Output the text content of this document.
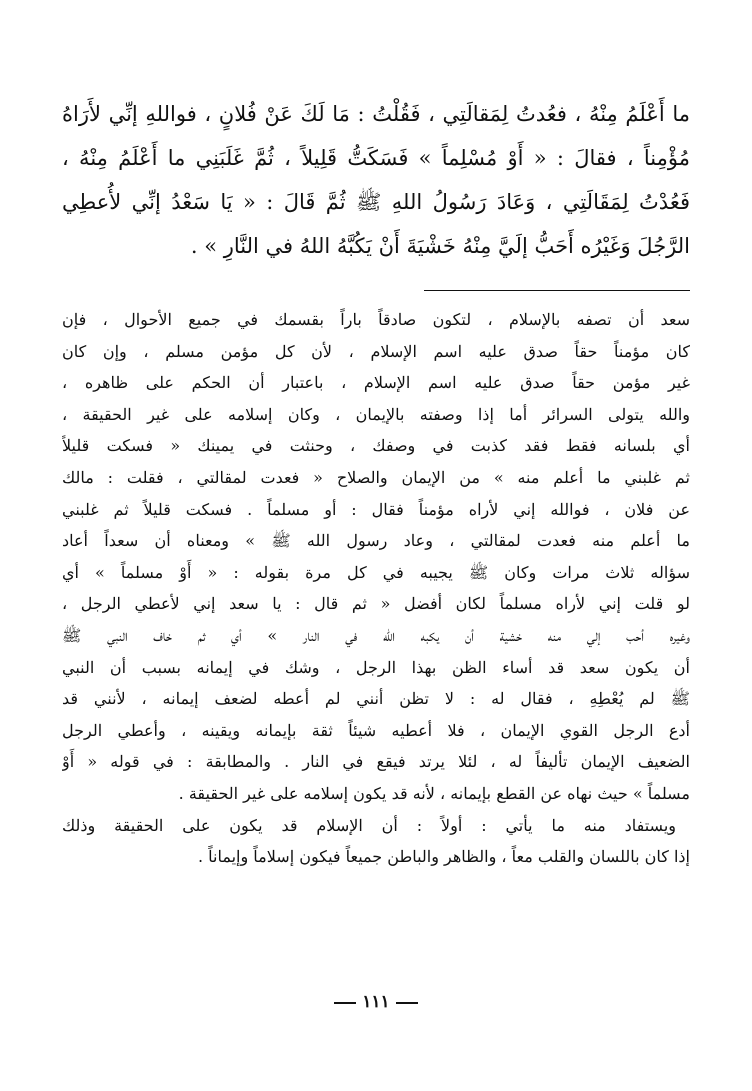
ما أَعْلَمُ مِنْهُ ، فعُدتُ لِمَقالَتِي ، فَقُلْتُ : مَا لَكَ عَنْ فُلانٍ ، فواللهِ إنِّي لأَرَاهُ
مُؤْمِناً ، فقالَ : « أَوْ مُسْلِماً » فَسَكَتُّ قَلِيلاً ، ثُمَّ غَلَبَنِي ما أَعْلَمُ مِنْهُ ،
فَعُدْتُ لِمَقَالَتِي ، وَعَادَ رَسُولُ اللهِ ﷺ ثُمَّ قَالَ : « يَا سَعْدُ إنِّي لأُعطِي
الرَّجُلَ وَغَيْرُه أَحَبُّ إلَيَّ مِنْهُ خَشْيَةَ أَنْ يَكُبَّهُ اللهُ في النَّارِ » .
سعد أن تصفه بالإسلام ، لتكون صادقاً باراً بقسمك في جميع الأحوال ، فإن
كان مؤمناً حقاً صدق عليه اسم الإسلام ، لأن كل مؤمن مسلم ، وإن كان
غير مؤمن حقاً صدق عليه اسم الإسلام ، باعتبار أن الحكم على ظاهره ،
والله يتولى السرائر أما إذا وصفته بالإيمان ، وكان إسلامه على غير الحقيقة ،
أي بلسانه فقط فقد كذبت في وصفك ، وحنثت في يمينك « فسكت قليلاً
ثم غلبني ما أعلم منه » من الإيمان والصلاح « فعدت لمقالتي ، فقلت : مالك
عن فلان ، فوالله إني لأراه مؤمناً فقال : أو مسلماً . فسكت قليلاً ثم غلبني
ما أعلم منه فعدت لمقالتي ، وعاد رسول الله ﷺ » ومعناه أن سعداً أعاد
سؤاله ثلاث مرات وكان ﷺ يجيبه في كل مرة بقوله : « أَوْ مسلماً » أي
لو قلت إني لأراه مسلماً لكان أفضل « ثم قال : يا سعد إني لأعطي الرجل ،
وغيره أحب إلي منه خشية أن يكبه الله في النار » أي ثم خاف النبي ﷺ
أن يكون سعد قد أساء الظن بهذا الرجل ، وشك في إيمانه بسبب أن النبي
ﷺ لم يُعْطِهِ ، فقال له : لا تظن أنني لم أعطه لضعف إيمانه ، لأنني قد
أدع الرجل القوي الإيمان ، فلا أعطيه شيئاً ثقة بإيمانه ويقينه ، وأعطي الرجل
الضعيف الإيمان تأليفاً له ، لئلا يرتد فيقع في النار . والمطابقة : في قوله « أَوْ
مسلماً » حيث نهاه عن القطع بإيمانه ، لأنه قد يكون إسلامه على غير الحقيقة .
ويستفاد منه ما يأتي : أولاً : أن الإسلام قد يكون على الحقيقة وذلك
إذا كان باللسان والقلب معاً ، والظاهر والباطن جميعاً فيكون إسلاماً وإيماناً .
١١١
